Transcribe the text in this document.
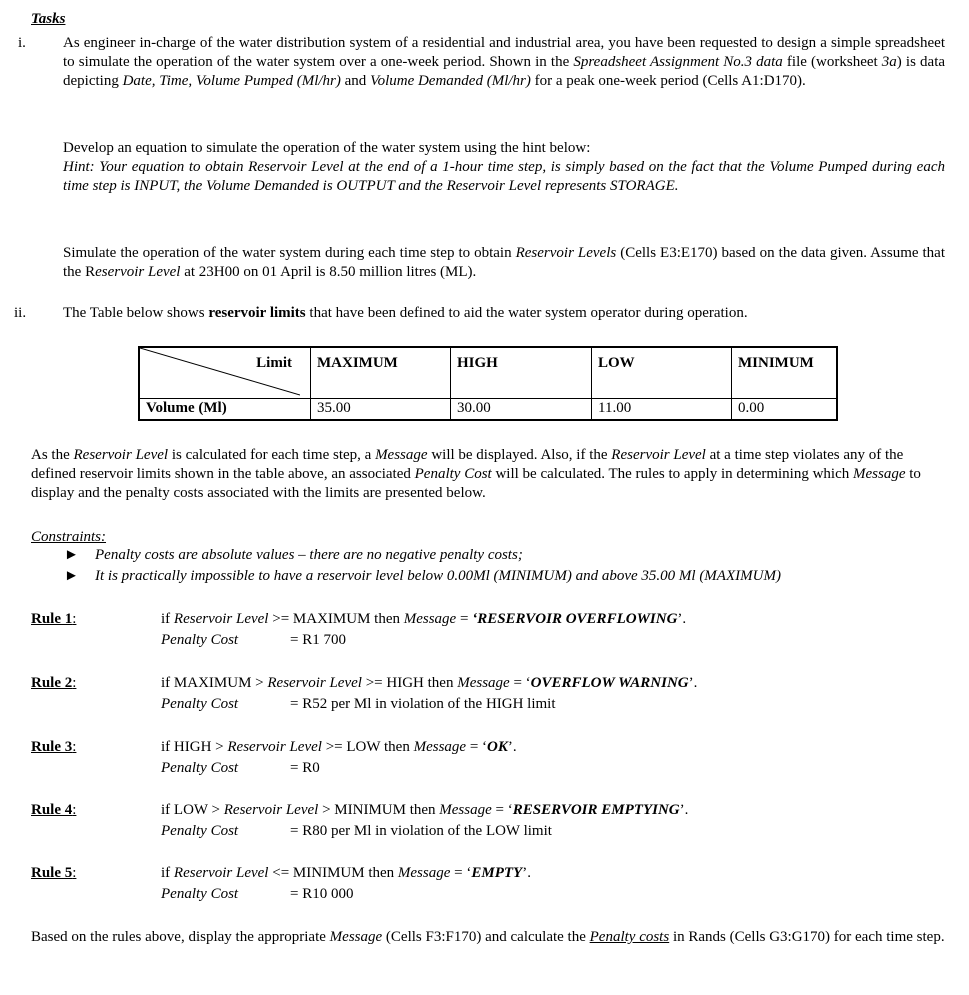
Tasks
i. As engineer in-charge of the water distribution system of a residential and industrial area, you have been requested to design a simple spreadsheet to simulate the operation of the water system over a one-week period. Shown in the Spreadsheet Assignment No.3 data file (worksheet 3a) is data depicting Date, Time, Volume Pumped (Ml/hr) and Volume Demanded (Ml/hr) for a peak one-week period (Cells A1:D170).
Develop an equation to simulate the operation of the water system using the hint below:
Hint: Your equation to obtain Reservoir Level at the end of a 1-hour time step, is simply based on the fact that the Volume Pumped during each time step is INPUT, the Volume Demanded is OUTPUT and the Reservoir Level represents STORAGE.
Simulate the operation of the water system during each time step to obtain Reservoir Levels (Cells E3:E170) based on the data given. Assume that the Reservoir Level at 23H00 on 01 April is 8.50 million litres (ML).
ii. The Table below shows reservoir limits that have been defined to aid the water system operator during operation.
Limit	MAXIMUM	HIGH	LOW	MINIMUM
Volume (Ml)	35.00	30.00	11.00	0.00
As the Reservoir Level is calculated for each time step, a Message will be displayed. Also, if the Reservoir Level at a time step violates any of the defined reservoir limits shown in the table above, an associated Penalty Cost will be calculated. The rules to apply in determining which Message to display and the penalty costs associated with the limits are presented below.
Constraints:
► Penalty costs are absolute values – there are no negative penalty costs;
► It is practically impossible to have a reservoir level below 0.00Ml (MINIMUM) and above 35.00 Ml (MAXIMUM)
Rule 1:	if Reservoir Level >= MAXIMUM then Message = ‘RESERVOIR OVERFLOWING’.
Penalty Cost	= R1 700
Rule 2:	if MAXIMUM > Reservoir Level >= HIGH then Message = ‘OVERFLOW WARNING’.
Penalty Cost	= R52 per Ml in violation of the HIGH limit
Rule 3:	if HIGH > Reservoir Level >= LOW then Message = ‘OK’.
Penalty Cost	= R0
Rule 4:	if LOW > Reservoir Level > MINIMUM then Message = ‘RESERVOIR EMPTYING’.
Penalty Cost	= R80 per Ml in violation of the LOW limit
Rule 5:	if Reservoir Level <= MINIMUM then Message = ‘EMPTY’.
Penalty Cost	= R10 000
Based on the rules above, display the appropriate Message (Cells F3:F170) and calculate the Penalty costs in Rands (Cells G3:G170) for each time step.
